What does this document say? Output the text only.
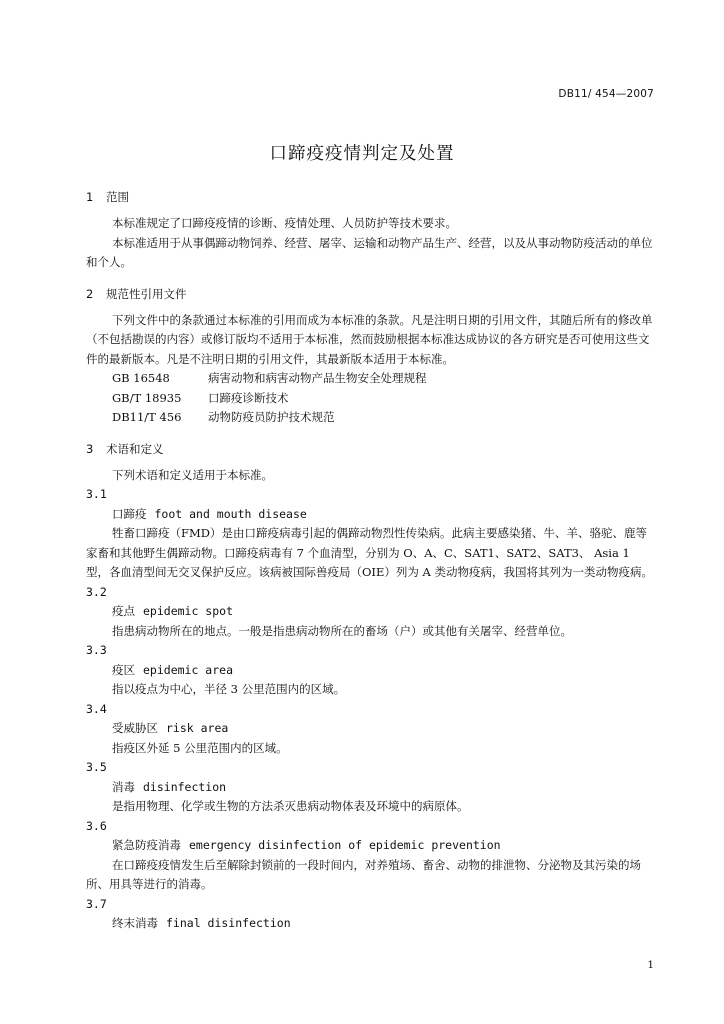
DB11/ 454—2007
口蹄疫疫情判定及处置

1 范围

本标准规定了口蹄疫疫情的诊断、疫情处理、人员防护等技术要求。

本标准适用于从事偶蹄动物饲养、经营、屠宰、运输和动物产品生产、经营，以及从事动物防疫活动的单位和个人。

2 规范性引用文件

下列文件中的条款通过本标准的引用而成为本标准的条款。凡是注明日期的引用文件，其随后所有的修改单（不包括勘误的内容）或修订版均不适用于本标准，然而鼓励根据本标准达成协议的各方研究是否可使用这些文件的最新版本。凡是不注明日期的引用文件，其最新版本适用于本标准。

GB 16548	病害动物和病害动物产品生物安全处理规程

GB/T 18935 口蹄疫诊断技术

DB11/T 456 动物防疫员防护技术规范

3 术语和定义

下列术语和定义适用于本标准。

3.1

口蹄疫 foot and mouth disease

牲畜口蹄疫（FMD）是由口蹄疫病毒引起的偶蹄动物烈性传染病。此病主要感染猪、牛、羊、骆驼、鹿等家畜和其他野生偶蹄动物。口蹄疫病毒有 7 个血清型，分别为 O、A、C、SAT1、SAT2、SAT3、 Asia 1 型，各血清型间无交叉保护反应。该病被国际兽疫局（OIE）列为 A 类动物疫病，我国将其列为一类动物疫病。

3.2

疫点 epidemic spot

指患病动物所在的地点。一般是指患病动物所在的畜场（户）或其他有关屠宰、经营单位。

3.3

疫区 epidemic area

指以疫点为中心，半径 3 公里范围内的区域。

3.4

受威胁区 risk area

指疫区外延 5 公里范围内的区域。

3.5

消毒 disinfection

是指用物理、化学或生物的方法杀灭患病动物体表及环境中的病原体。

3.6

紧急防疫消毒 emergency disinfection of epidemic prevention

在口蹄疫疫情发生后至解除封锁前的一段时间内，对养殖场、畜舍、动物的排泄物、分泌物及其污染的场所、用具等进行的消毒。

3.7

终末消毒 final disinfection

1
